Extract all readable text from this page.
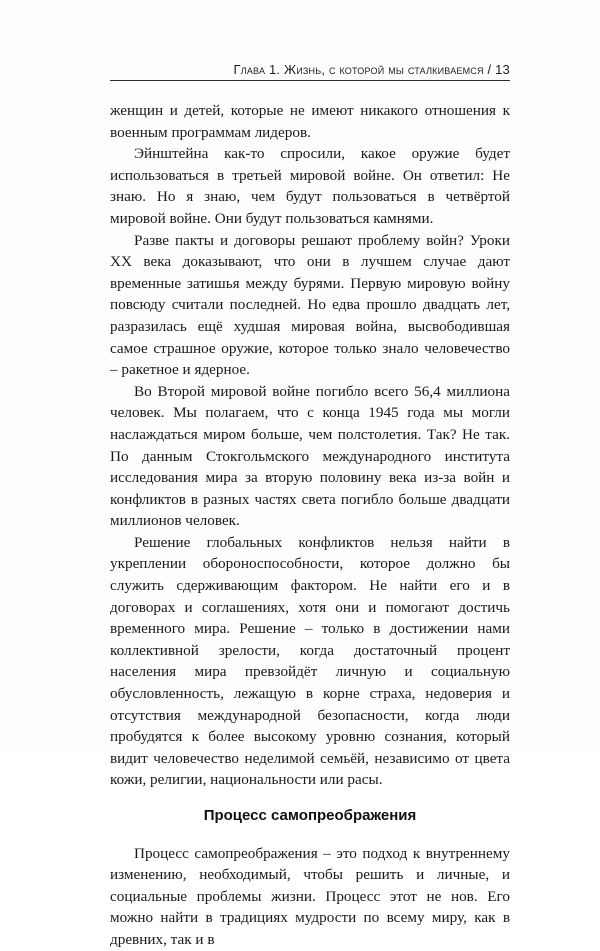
Глава 1. Жизнь, с которой мы сталкиваемся / 13

женщин и детей, которые не имеют никакого отношения к военным программам лидеров.

Эйнштейна как-то спросили, какое оружие будет использоваться в третьей мировой войне. Он ответил: Не знаю. Но я знаю, чем будут пользоваться в четвёртой мировой войне. Они будут пользоваться камнями.

Разве пакты и договоры решают проблему войн? Уроки XX века доказывают, что они в лучшем случае дают временные затишья между бурями. Первую мировую войну повсюду считали последней. Но едва прошло двадцать лет, разразилась ещё худшая мировая война, высвободившая самое страшное оружие, которое только знало человечество – ракетное и ядерное.

Во Второй мировой войне погибло всего 56,4 миллиона человек. Мы полагаем, что с конца 1945 года мы могли наслаждаться миром больше, чем полстолетия. Так? Не так. По данным Стокгольмского международного института исследования мира за вторую половину века из-за войн и конфликтов в разных частях света погибло больше двадцати миллионов человек.

Решение глобальных конфликтов нельзя найти в укреплении обороноспособности, которое должно бы служить сдерживающим фактором. Не найти его и в договорах и соглашениях, хотя они и помогают достичь временного мира. Решение – только в достижении нами коллективной зрелости, когда достаточный процент населения мира превзойдёт личную и социальную обусловленность, лежащую в корне страха, недоверия и отсутствия международной безопасности, когда люди пробудятся к более высокому уровню сознания, который видит человечество неделимой семьёй, независимо от цвета кожи, религии, национальности или расы.

Процесс самопреображения

Процесс самопреображения – это подход к внутреннему изменению, необходимый, чтобы решить и личные, и социальные проблемы жизни. Процесс этот не нов. Его можно найти в традициях мудрости по всему миру, как в древних, так и в
